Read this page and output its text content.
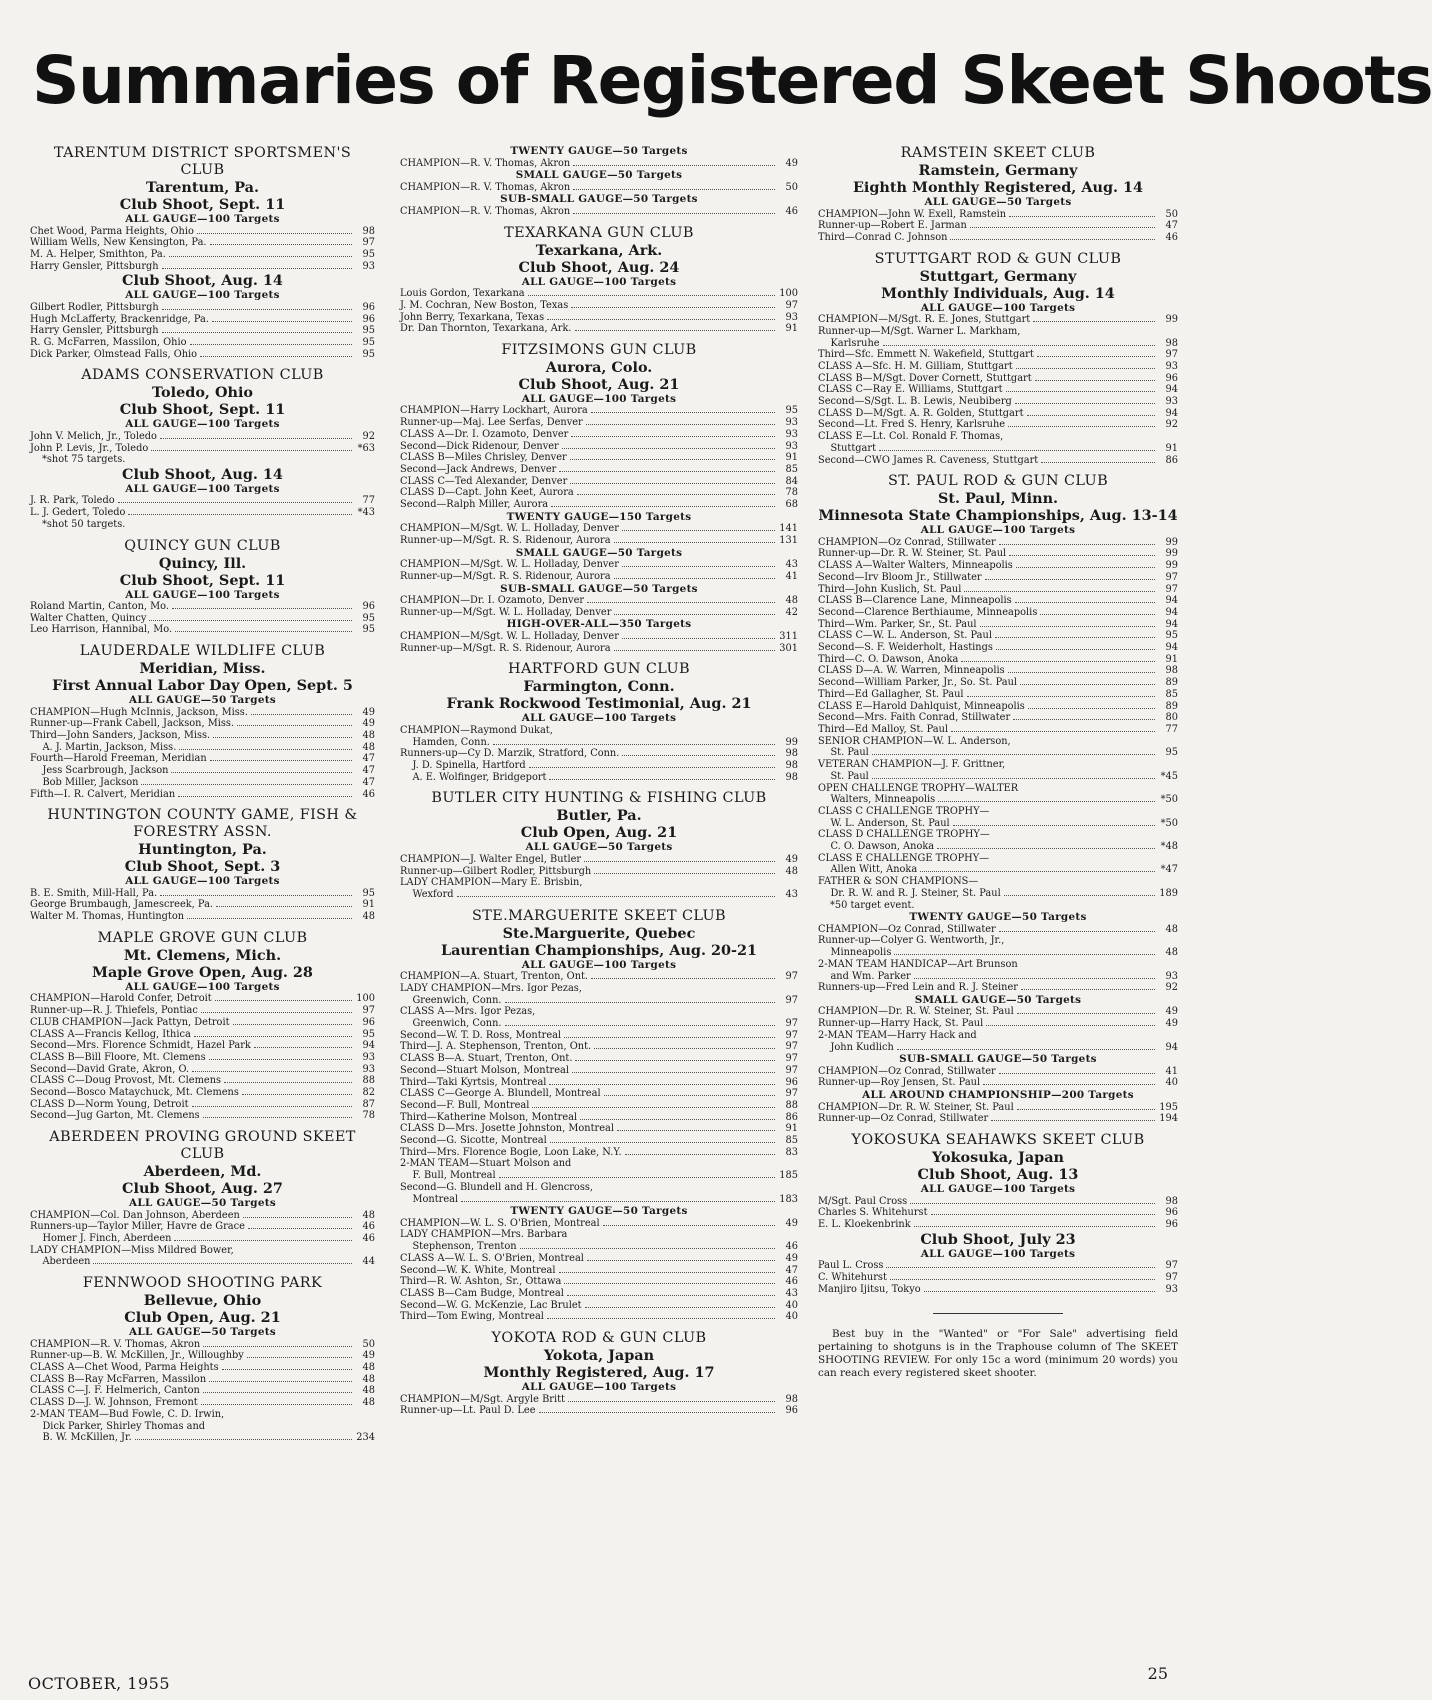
Summaries of Registered Skeet Shoots
TARENTUM DISTRICT SPORTSMEN'S CLUB
Tarentum, Pa.
Club Shoot, Sept. 11
ALL GAUGE—100 Targets
Chet Wood, Parma Heights, Ohio	98
William Wells, New Kensington, Pa.	97
M. A. Helper, Smithton, Pa.	95
Harry Gensler, Pittsburgh	93
Club Shoot, Aug. 14
ALL GAUGE—100 Targets
Gilbert Rodler, Pittsburgh	96
Hugh McLafferty, Brackenridge, Pa.	96
Harry Gensler, Pittsburgh	95
R. G. McFarren, Massilon, Ohio	95
Dick Parker, Olmstead Falls, Ohio	95
ADAMS CONSERVATION CLUB
Toledo, Ohio
Club Shoot, Sept. 11
ALL GAUGE—100 Targets
John V. Melich, Jr., Toledo	92
John P. Levis, Jr., Toledo	*63
*shot 75 targets.
Club Shoot, Aug. 14
ALL GAUGE—100 Targets
J. R. Park, Toledo	77
L. J. Gedert, Toledo	*43
*shot 50 targets.
QUINCY GUN CLUB
Quincy, Ill.
Club Shoot, Sept. 11
ALL GAUGE—100 Targets
Roland Martin, Canton, Mo.	96
Walter Chatten, Quincy	95
Leo Harrison, Hannibal, Mo.	95
LAUDERDALE WILDLIFE CLUB
Meridian, Miss.
First Annual Labor Day Open, Sept. 5
ALL GAUGE—50 Targets
CHAMPION—Hugh McInnis, Jackson, Miss.	49
Runner-up—Frank Cabell, Jackson, Miss.	49
Third—John Sanders, Jackson, Miss.	48
A. J. Martin, Jackson, Miss.	48
Fourth—Harold Freeman, Meridian	47
Jess Scarbrough, Jackson	47
Bob Miller, Jackson	47
Fifth—I. R. Calvert, Meridian	46
HUNTINGTON COUNTY GAME, FISH & FORESTRY ASSN.
Huntington, Pa.
Club Shoot, Sept. 3
ALL GAUGE—100 Targets
B. E. Smith, Mill-Hall, Pa.	95
George Brumbaugh, Jamescreek, Pa.	91
Walter M. Thomas, Huntington	48
MAPLE GROVE GUN CLUB
Mt. Clemens, Mich.
Maple Grove Open, Aug. 28
ALL GAUGE—100 Targets
CHAMPION—Harold Confer, Detroit	100
Runner-up—R. J. Thiefels, Pontiac	97
CLUB CHAMPION—Jack Pattyn, Detroit	96
CLASS A—Francis Kellog, Ithica	95
Second—Mrs. Florence Schmidt, Hazel Park	94
CLASS B—Bill Floore, Mt. Clemens	93
Second—David Grate, Akron, O.	93
CLASS C—Doug Provost, Mt. Clemens	88
Second—Bosco Mataychuck, Mt. Clemens	82
CLASS D—Norm Young, Detroit	87
Second—Jug Garton, Mt. Clemens	78
ABERDEEN PROVING GROUND SKEET CLUB
Aberdeen, Md.
Club Shoot, Aug. 27
ALL GAUGE—50 Targets
CHAMPION—Col. Dan Johnson, Aberdeen	48
Runners-up—Taylor Miller, Havre de Grace	46
Homer J. Finch, Aberdeen	46
LADY CHAMPION—Miss Mildred Bower,
Aberdeen	44
FENNWOOD SHOOTING PARK
Bellevue, Ohio
Club Open, Aug. 21
ALL GAUGE—50 Targets
CHAMPION—R. V. Thomas, Akron	50
Runner-up—B. W. McKillen, Jr., Willoughby	49
CLASS A—Chet Wood, Parma Heights	48
CLASS B—Ray McFarren, Massilon	48
CLASS C—J. F. Helmerich, Canton	48
CLASS D—J. W. Johnson, Fremont	48
2-MAN TEAM—Bud Fowle, C. D. Irwin,
Dick Parker, Shirley Thomas and
B. W. McKillen, Jr.	234
TWENTY GAUGE—50 Targets
CHAMPION—R. V. Thomas, Akron	49
SMALL GAUGE—50 Targets
CHAMPION—R. V. Thomas, Akron	50
SUB-SMALL GAUGE—50 Targets
CHAMPION—R. V. Thomas, Akron	46
TEXARKANA GUN CLUB
Texarkana, Ark.
Club Shoot, Aug. 24
ALL GAUGE—100 Targets
Louis Gordon, Texarkana	100
J. M. Cochran, New Boston, Texas	97
John Berry, Texarkana, Texas	93
Dr. Dan Thornton, Texarkana, Ark.	91
FITZSIMONS GUN CLUB
Aurora, Colo.
Club Shoot, Aug. 21
ALL GAUGE—100 Targets
CHAMPION—Harry Lockhart, Aurora	95
Runner-up—Maj. Lee Serfas, Denver	93
CLASS A—Dr. I. Ozamoto, Denver	93
Second—Dick Ridenour, Denver	93
CLASS B—Miles Chrisley, Denver	91
Second—Jack Andrews, Denver	85
CLASS C—Ted Alexander, Denver	84
CLASS D—Capt. John Keet, Aurora	78
Second—Ralph Miller, Aurora	68
TWENTY GAUGE—150 Targets
CHAMPION—M/Sgt. W. L. Holladay, Denver	141
Runner-up—M/Sgt. R. S. Ridenour, Aurora	131
SMALL GAUGE—50 Targets
CHAMPION—M/Sgt. W. L. Holladay, Denver	43
Runner-up—M/Sgt. R. S. Ridenour, Aurora	41
SUB-SMALL GAUGE—50 Targets
CHAMPION—Dr. I. Ozamoto, Denver	48
Runner-up—M/Sgt. W. L. Holladay, Denver	42
HIGH-OVER-ALL—350 Targets
CHAMPION—M/Sgt. W. L. Holladay, Denver	311
Runner-up—M/Sgt. R. S. Ridenour, Aurora	301
HARTFORD GUN CLUB
Farmington, Conn.
Frank Rockwood Testimonial, Aug. 21
ALL GAUGE—100 Targets
CHAMPION—Raymond Dukat,
Hamden, Conn.	99
Runners-up—Cy D. Marzik, Stratford, Conn.	98
J. D. Spinella, Hartford	98
A. E. Wolfinger, Bridgeport	98
BUTLER CITY HUNTING & FISHING CLUB
Butler, Pa.
Club Open, Aug. 21
ALL GAUGE—50 Targets
CHAMPION—J. Walter Engel, Butler	49
Runner-up—Gilbert Rodler, Pittsburgh	48
LADY CHAMPION—Mary E. Brisbin,
Wexford	43
STE.MARGUERITE SKEET CLUB
Ste.Marguerite, Quebec
Laurentian Championships, Aug. 20-21
ALL GAUGE—100 Targets
CHAMPION—A. Stuart, Trenton, Ont.	97
LADY CHAMPION—Mrs. Igor Pezas,
Greenwich, Conn.	97
CLASS A—Mrs. Igor Pezas,
Greenwich, Conn.	97
Second—W. T. D. Ross, Montreal	97
Third—J. A. Stephenson, Trenton, Ont.	97
CLASS B—A. Stuart, Trenton, Ont.	97
Second—Stuart Molson, Montreal	97
Third—Taki Kyrtsis, Montreal	96
CLASS C—George A. Blundell, Montreal	97
Second—F. Bull, Montreal	88
Third—Katherine Molson, Montreal	86
CLASS D—Mrs. Josette Johnston, Montreal	91
Second—G. Sicotte, Montreal	85
Third—Mrs. Florence Bogie, Loon Lake, N.Y.	83
2-MAN TEAM—Stuart Molson and
F. Bull, Montreal	185
Second—G. Blundell and H. Glencross,
Montreal	183
TWENTY GAUGE—50 Targets
CHAMPION—W. L. S. O'Brien, Montreal	49
LADY CHAMPION—Mrs. Barbara
Stephenson, Trenton	46
CLASS A—W. L. S. O'Brien, Montreal	49
Second—W. K. White, Montreal	47
Third—R. W. Ashton, Sr., Ottawa	46
CLASS B—Cam Budge, Montreal	43
Second—W. G. McKenzie, Lac Brulet	40
Third—Tom Ewing, Montreal	40
YOKOTA ROD & GUN CLUB
Yokota, Japan
Monthly Registered, Aug. 17
ALL GAUGE—100 Targets
CHAMPION—M/Sgt. Argyle Britt	98
Runner-up—Lt. Paul D. Lee	96
RAMSTEIN SKEET CLUB
Ramstein, Germany
Eighth Monthly Registered, Aug. 14
ALL GAUGE—50 Targets
CHAMPION—John W. Exell, Ramstein	50
Runner-up—Robert E. Jarman	47
Third—Conrad C. Johnson	46
STUTTGART ROD & GUN CLUB
Stuttgart, Germany
Monthly Individuals, Aug. 14
ALL GAUGE—100 Targets
CHAMPION—M/Sgt. R. E. Jones, Stuttgart	99
Runner-up—M/Sgt. Warner L. Markham,
Karlsruhe	98
Third—Sfc. Emmett N. Wakefield, Stuttgart	97
CLASS A—Sfc. H. M. Gilliam, Stuttgart	93
CLASS B—M/Sgt. Dover Cornett, Stuttgart	96
CLASS C—Ray E. Williams, Stuttgart	94
Second—S/Sgt. L. B. Lewis, Neubiberg	93
CLASS D—M/Sgt. A. R. Golden, Stuttgart	94
Second—Lt. Fred S. Henry, Karlsruhe	92
CLASS E—Lt. Col. Ronald F. Thomas,
Stuttgart	91
Second—CWO James R. Caveness, Stuttgart	86
ST. PAUL ROD & GUN CLUB
St. Paul, Minn.
Minnesota State Championships, Aug. 13-14
ALL GAUGE—100 Targets
CHAMPION—Oz Conrad, Stillwater	99
Runner-up—Dr. R. W. Steiner, St. Paul	99
CLASS A—Walter Walters, Minneapolis	99
Second—Irv Bloom Jr., Stillwater	97
Third—John Kuslich, St. Paul	97
CLASS B—Clarence Lane, Minneapolis	94
Second—Clarence Berthiaume, Minneapolis	94
Third—Wm. Parker, Sr., St. Paul	94
CLASS C—W. L. Anderson, St. Paul	95
Second—S. F. Weiderholt, Hastings	94
Third—C. O. Dawson, Anoka	91
CLASS D—A. W. Warren, Minneapolis	98
Second—William Parker, Jr., So. St. Paul	89
Third—Ed Gallagher, St. Paul	85
CLASS E—Harold Dahlquist, Minneapolis	89
Second—Mrs. Faith Conrad, Stillwater	80
Third—Ed Malloy, St. Paul	77
SENIOR CHAMPION—W. L. Anderson,
St. Paul	95
VETERAN CHAMPION—J. F. Grittner,
St. Paul	*45
OPEN CHALLENGE TROPHY—WALTER
Walters, Minneapolis	*50
CLASS C CHALLENGE TROPHY—
W. L. Anderson, St. Paul	*50
CLASS D CHALLENGE TROPHY—
C. O. Dawson, Anoka	*48
CLASS E CHALLENGE TROPHY—
Allen Witt, Anoka	*47
FATHER & SON CHAMPIONS—
Dr. R. W. and R. J. Steiner, St. Paul	189
*50 target event.
TWENTY GAUGE—50 Targets
CHAMPION—Oz Conrad, Stillwater	48
Runner-up—Colyer G. Wentworth, Jr.,
Minneapolis	48
2-MAN TEAM HANDICAP—Art Brunson
and Wm. Parker	93
Runners-up—Fred Lein and R. J. Steiner	92
SMALL GAUGE—50 Targets
CHAMPION—Dr. R. W. Steiner, St. Paul	49
Runner-up—Harry Hack, St. Paul	49
2-MAN TEAM—Harry Hack and
John Kudlich	94
SUB-SMALL GAUGE—50 Targets
CHAMPION—Oz Conrad, Stillwater	41
Runner-up—Roy Jensen, St. Paul	40
ALL AROUND CHAMPIONSHIP—200 Targets
CHAMPION—Dr. R. W. Steiner, St. Paul	195
Runner-up—Oz Conrad, Stillwater	194
YOKOSUKA SEAHAWKS SKEET CLUB
Yokosuka, Japan
Club Shoot, Aug. 13
ALL GAUGE—100 Targets
M/Sgt. Paul Cross	98
Charles S. Whitehurst	96
E. L. Kloekenbrink	96
Club Shoot, July 23
ALL GAUGE—100 Targets
Paul L. Cross	97
C. Whitehurst	97
Manjiro Ijitsu, Tokyo	93
Best buy in the "Wanted" or "For Sale" advertising field pertaining to shotguns is in the Traphouse column of The SKEET SHOOTING REVIEW. For only 15c a word (minimum 20 words) you can reach every registered skeet shooter.
OCTOBER, 1955
25
